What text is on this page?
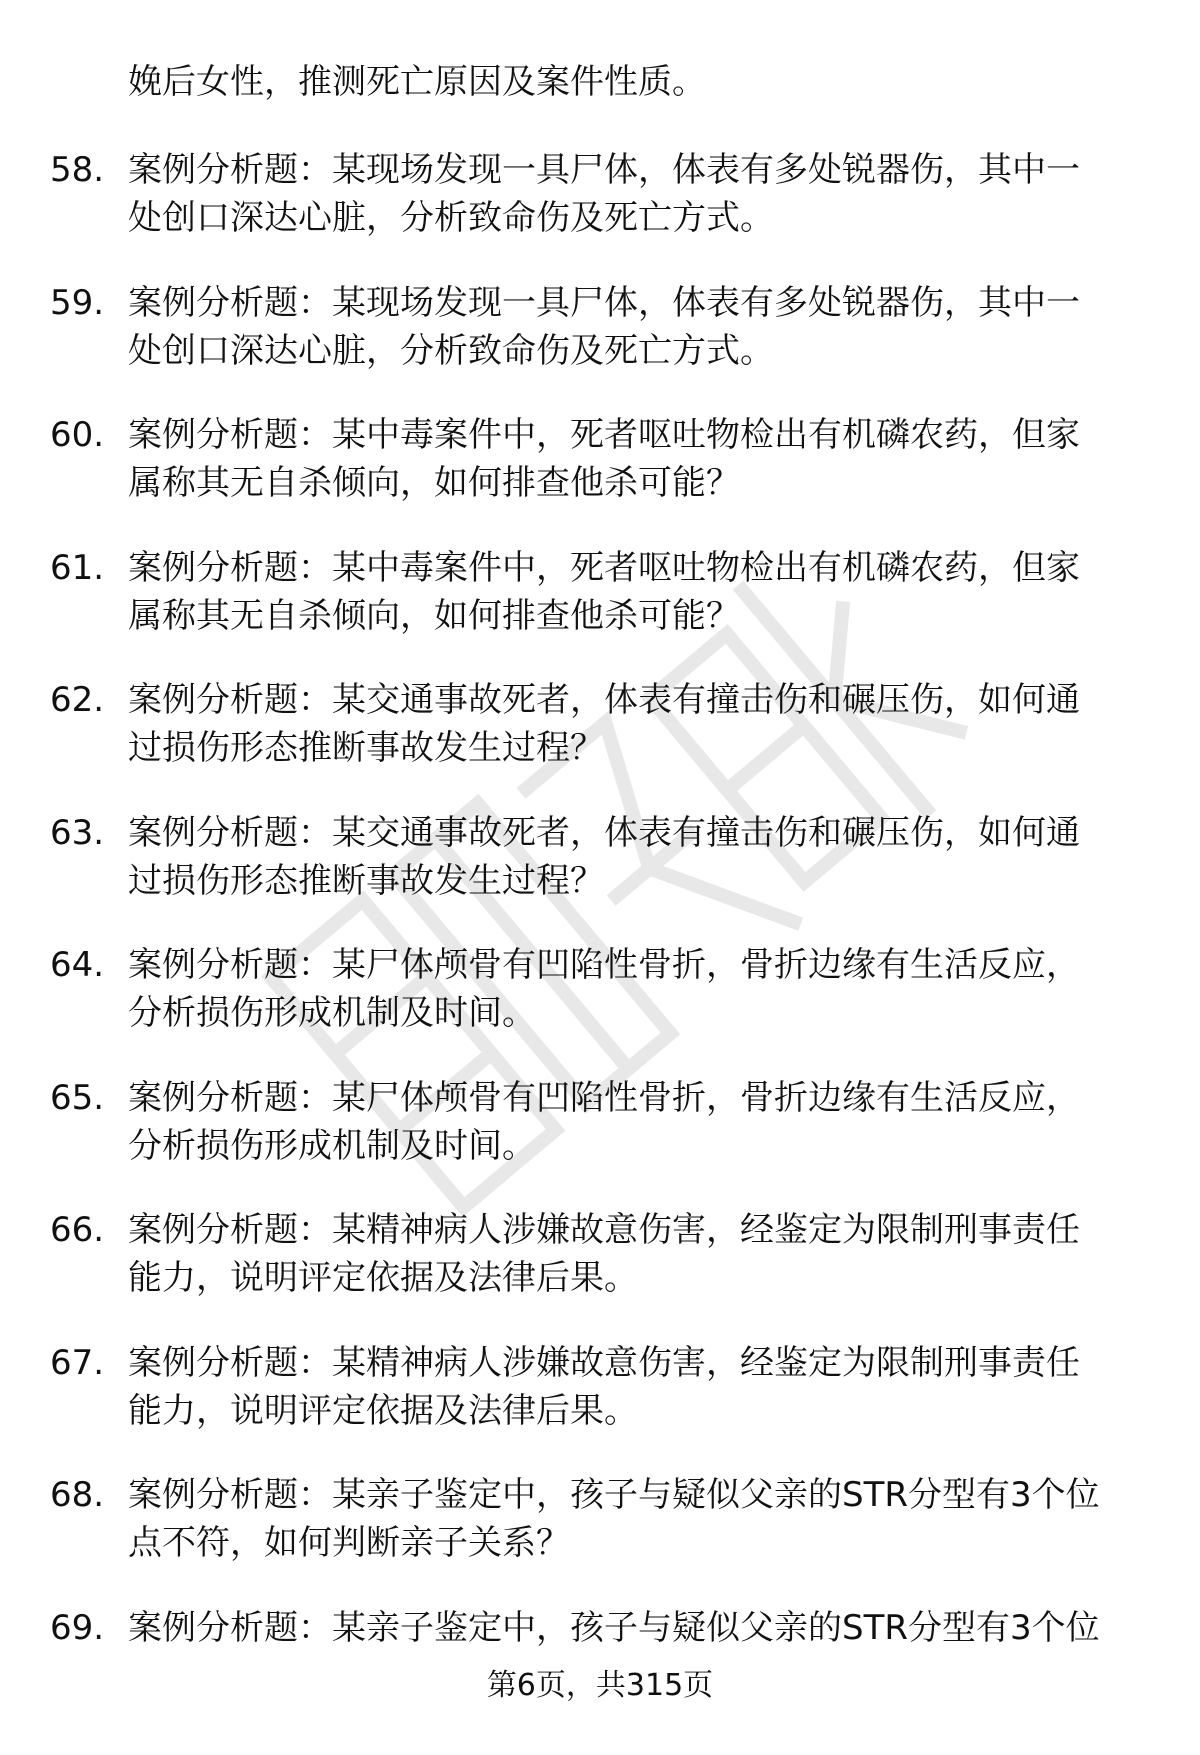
娩后女性，推测死亡原因及案件性质。
58. 案例分析题：某现场发现一具尸体，体表有多处锐器伤，其中一
处创口深达心脏，分析致命伤及死亡方式。
59. 案例分析题：某现场发现一具尸体，体表有多处锐器伤，其中一
处创口深达心脏，分析致命伤及死亡方式。
60. 案例分析题：某中毒案件中，死者呕吐物检出有机磷农药，但家
属称其无自杀倾向，如何排查他杀可能？
61. 案例分析题：某中毒案件中，死者呕吐物检出有机磷农药，但家
属称其无自杀倾向，如何排查他杀可能？
62. 案例分析题：某交通事故死者，体表有撞击伤和碾压伤，如何通
过损伤形态推断事故发生过程？
63. 案例分析题：某交通事故死者，体表有撞击伤和碾压伤，如何通
过损伤形态推断事故发生过程？
64. 案例分析题：某尸体颅骨有凹陷性骨折，骨折边缘有生活反应，
分析损伤形成机制及时间。
65. 案例分析题：某尸体颅骨有凹陷性骨折，骨折边缘有生活反应，
分析损伤形成机制及时间。
66. 案例分析题：某精神病人涉嫌故意伤害，经鉴定为限制刑事责任
能力，说明评定依据及法律后果。
67. 案例分析题：某精神病人涉嫌故意伤害，经鉴定为限制刑事责任
能力，说明评定依据及法律后果。
68. 案例分析题：某亲子鉴定中，孩子与疑似父亲的STR分型有3个位
点不符，如何判断亲子关系？
69. 案例分析题：某亲子鉴定中，孩子与疑似父亲的STR分型有3个位
第6页，共315页
